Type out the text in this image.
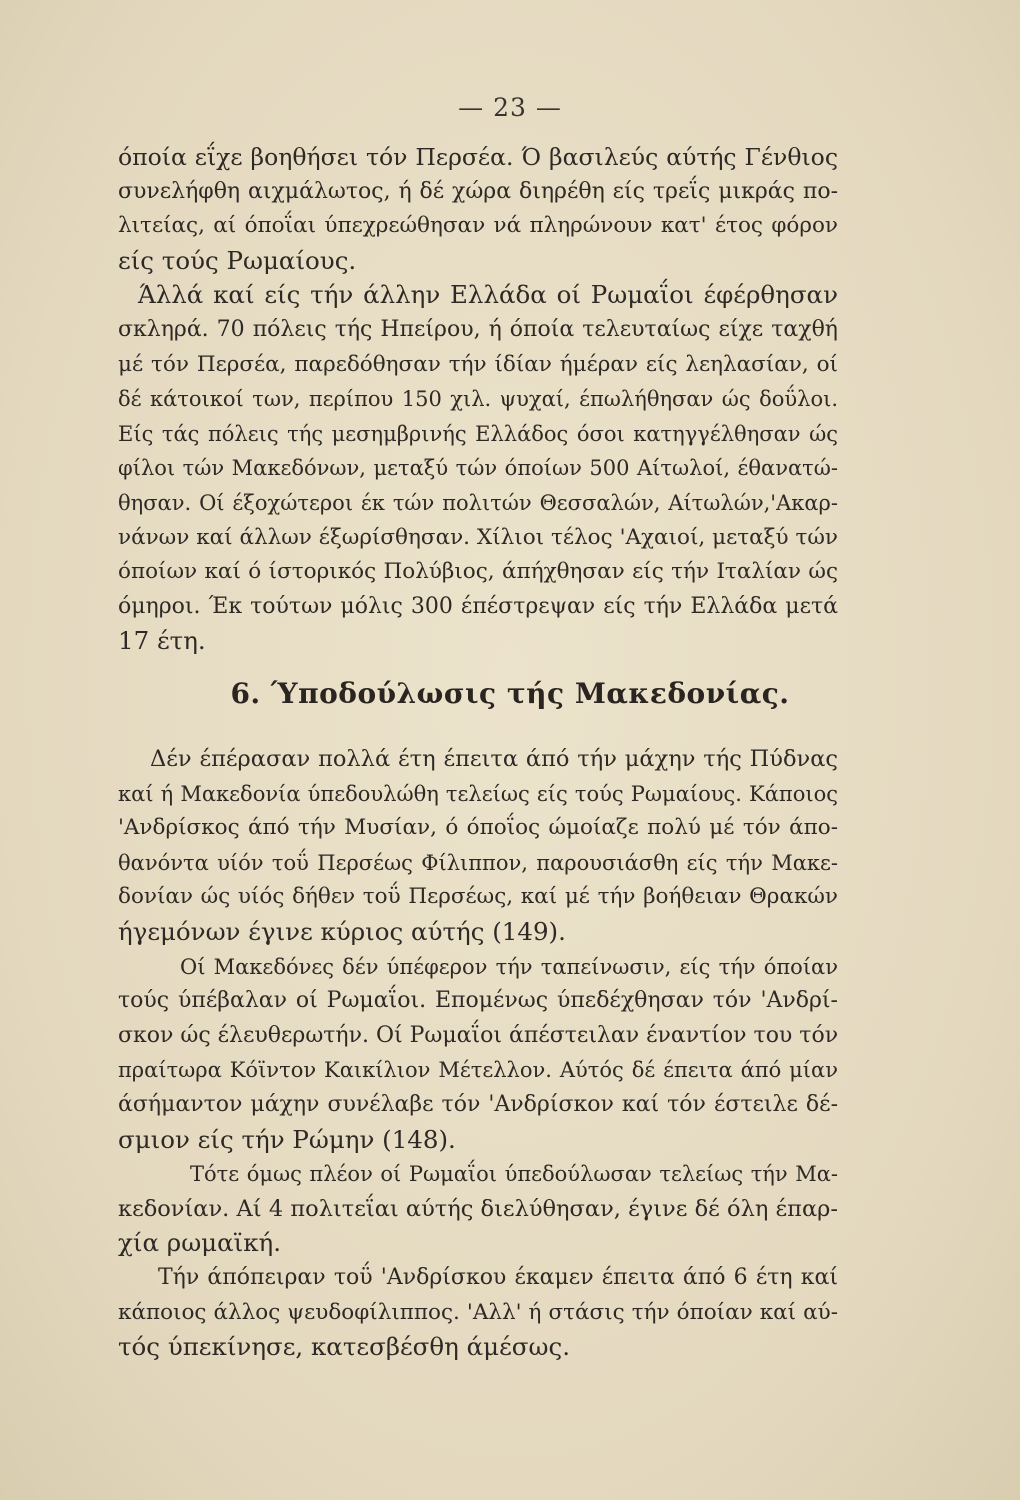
— 23 —
όποία εΐχε βοηθήσει τόν Περσέα. Ό βασιλεύς αύτής Γένθιος
συνελήφθη αιχμάλωτος, ή δέ χώρα διηρέθη είς τρεΐς μικράς πο-
λιτείας, αί όποΐαι ύπεχρεώθησαν νά πληρώνουν κατ' έτος φόρον
είς τούς Ρωμαίους.
Άλλά καί είς τήν άλλην Ελλάδα οί Ρωμαΐοι έφέρθησαν
σκληρά. 70 πόλεις τής Ηπείρου, ή όποία τελευταίως είχε ταχθή
μέ τόν Περσέα, παρεδόθησαν τήν ίδίαν ήμέραν είς λεηλασίαν, οί
δέ κάτοικοί των, περίπου 150 χιλ. ψυχαί, έπωλήθησαν ώς δοΰλοι.
Είς τάς πόλεις τής μεσημβρινής Ελλάδος όσοι κατηγγέλθησαν ώς
φίλοι τών Μακεδόνων, μεταξύ τών όποίων 500 Αίτωλοί, έθανατώ-
θησαν. Οί έξοχώτεροι έκ τών πολιτών Θεσσαλών, Αίτωλών,'Ακαρ-
νάνων καί άλλων έξωρίσθησαν. Χίλιοι τέλος 'Αχαιοί, μεταξύ τών
όποίων καί ό ίστορικός Πολύβιος, άπήχθησαν είς τήν Ιταλίαν ώς
όμηροι. Έκ τούτων μόλις 300 έπέστρεψαν είς τήν Ελλάδα μετά
17 έτη.
6. Ύποδούλωσις τής Μακεδονίας.
Δέν έπέρασαν πολλά έτη έπειτα άπό τήν μάχην τής Πύδνας
καί ή Μακεδονία ύπεδουλώθη τελείως είς τούς Ρωμαίους. Κάποιος
'Ανδρίσκος άπό τήν Μυσίαν, ό όποΐος ώμοίαζε πολύ μέ τόν άπο-
θανόντα υίόν τοΰ Περσέως Φίλιππον, παρουσιάσθη είς τήν Μακε-
δονίαν ώς υίός δήθεν τοΰ Περσέως, καί μέ τήν βοήθειαν Θρακών
ήγεμόνων έγινε κύριος αύτής (149).
Οί Μακεδόνες δέν ύπέφερον τήν ταπείνωσιν, είς τήν όποίαν
τούς ύπέβαλαν οί Ρωμαΐοι. Επομένως ύπεδέχθησαν τόν 'Ανδρί-
σκον ώς έλευθερωτήν. Οί Ρωμαΐοι άπέστειλαν έναντίον του τόν
πραίτωρα Κόϊντον Καικίλιον Μέτελλον. Αύτός δέ έπειτα άπό μίαν
άσήμαντον μάχην συνέλαβε τόν 'Ανδρίσκον καί τόν έστειλε δέ-
σμιον είς τήν Ρώμην (148).
Τότε όμως πλέον οί Ρωμαΐοι ύπεδούλωσαν τελείως τήν Μα-
κεδονίαν. Αί 4 πολιτεΐαι αύτής διελύθησαν, έγινε δέ όλη έπαρ-
χία ρωμαϊκή.
Τήν άπόπειραν τοΰ 'Ανδρίσκου έκαμεν έπειτα άπό 6 έτη καί
κάποιος άλλος ψευδοφίλιππος. 'Αλλ' ή στάσις τήν όποίαν καί αύ-
τός ύπεκίνησε, κατεσβέσθη άμέσως.
